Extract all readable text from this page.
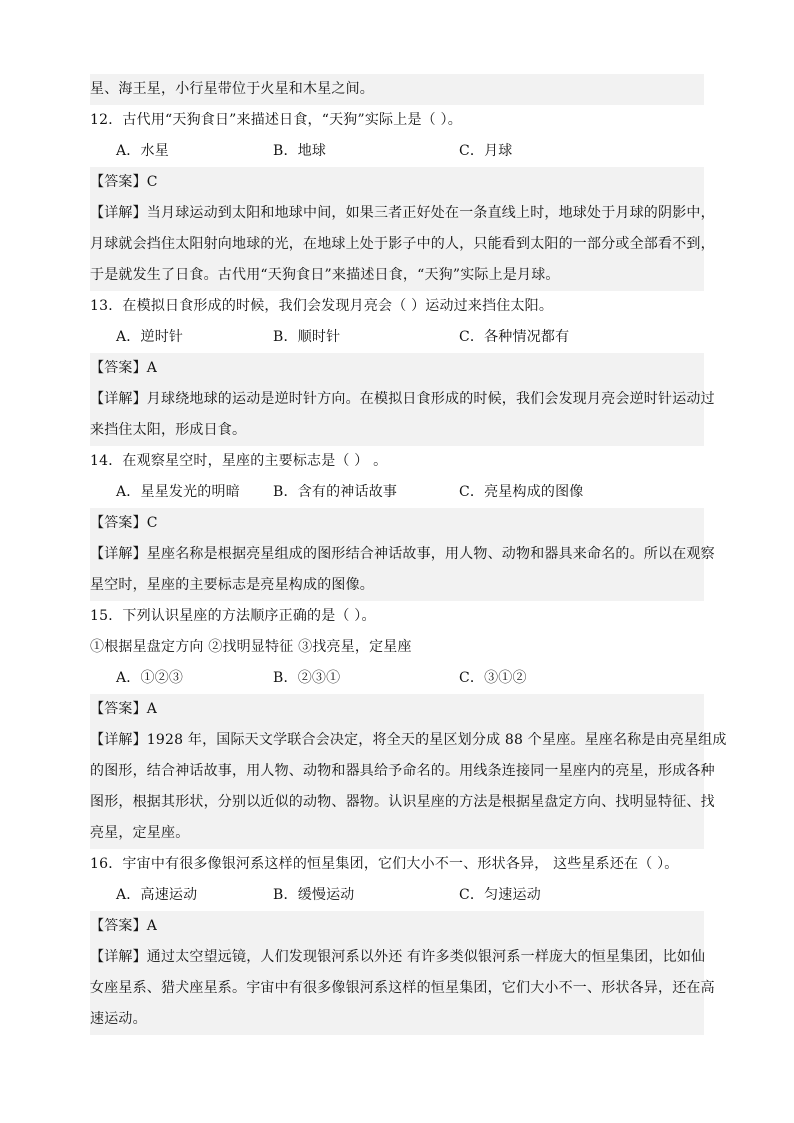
星、海王星，小行星带位于火星和木星之间。
12．古代用“天狗食日”来描述日食，“天狗”实际上是（ ）。
A．水星	B．地球	C．月球
【答案】C
【详解】当月球运动到太阳和地球中间，如果三者正好处在一条直线上时，地球处于月球的阴影中，
月球就会挡住太阳射向地球的光，在地球上处于影子中的人，只能看到太阳的一部分或全部看不到，
于是就发生了日食。古代用“天狗食日”来描述日食，“天狗”实际上是月球。
13．在模拟日食形成的时候，我们会发现月亮会（ ）运动过来挡住太阳。
A．逆时针	B．顺时针	C．各种情况都有
【答案】A
【详解】月球绕地球的运动是逆时针方向。在模拟日食形成的时候，我们会发现月亮会逆时针运动过
来挡住太阳，形成日食。
14．在观察星空时，星座的主要标志是（ ） 。
A．星星发光的明暗	B．含有的神话故事	C．亮星构成的图像
【答案】C
【详解】星座名称是根据亮星组成的图形结合神话故事，用人物、动物和器具来命名的。所以在观察
星空时，星座的主要标志是亮星构成的图像。
15．下列认识星座的方法顺序正确的是（ ）。
①根据星盘定方向 ②找明显特征 ③找亮星，定星座
A．①②③	B．②③①	C．③①②
【答案】A
【详解】1928 年，国际天文学联合会决定，将全天的星区划分成 88 个星座。星座名称是由亮星组成
的图形，结合神话故事，用人物、动物和器具给予命名的。用线条连接同一星座内的亮星，形成各种
图形，根据其形状，分别以近似的动物、器物。认识星座的方法是根据星盘定方向、找明显特征、找
亮星，定星座。
16．宇宙中有很多像银河系这样的恒星集团，它们大小不一、形状各异， 这些星系还在（ ）。
A．高速运动	B．缓慢运动	C．匀速运动
【答案】A
【详解】通过太空望远镜，人们发现银河系以外还 有许多类似银河系一样庞大的恒星集团，比如仙
女座星系、猎犬座星系。宇宙中有很多像银河系这样的恒星集团，它们大小不一、形状各异，还在高
速运动。
